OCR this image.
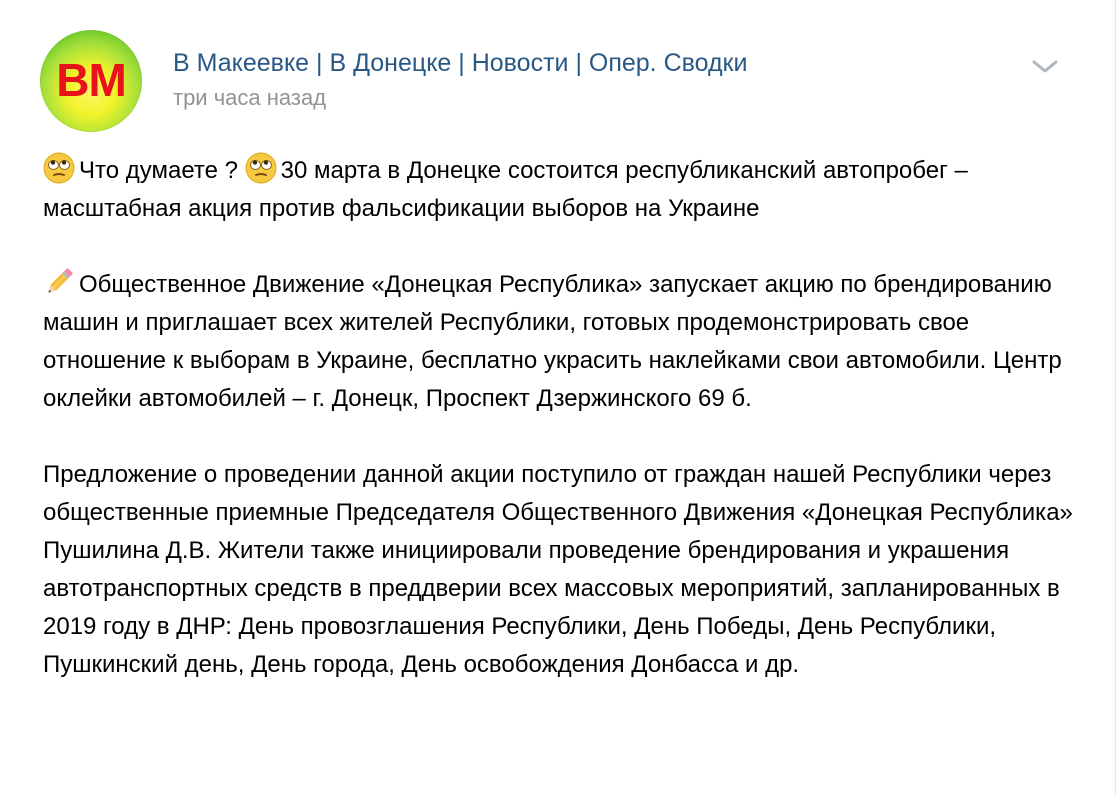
ВМ	В Макеевке | В Донецке | Новости | Опер. Сводки
три часа назад

Что думаете ? 30 марта в Донецке состоится республиканский автопробег – масштабная акция против фальсификации выборов на Украине

Общественное Движение «Донецкая Республика» запускает акцию по брендированию машин и приглашает всех жителей Республики, готовых продемонстрировать свое отношение к выборам в Украине, бесплатно украсить наклейками свои автомобили. Центр оклейки автомобилей – г. Донецк, Проспект Дзержинского 69 б.

Предложение о проведении данной акции поступило от граждан нашей Республики через общественные приемные Председателя Общественного Движения «Донецкая Республика» Пушилина Д.В. Жители также инициировали проведение брендирования и украшения автотранспортных средств в преддверии всех массовых мероприятий, запланированных в 2019 году в ДНР: День провозглашения Республики, День Победы, День Республики, Пушкинский день, День города, День освобождения Донбасса и др.
